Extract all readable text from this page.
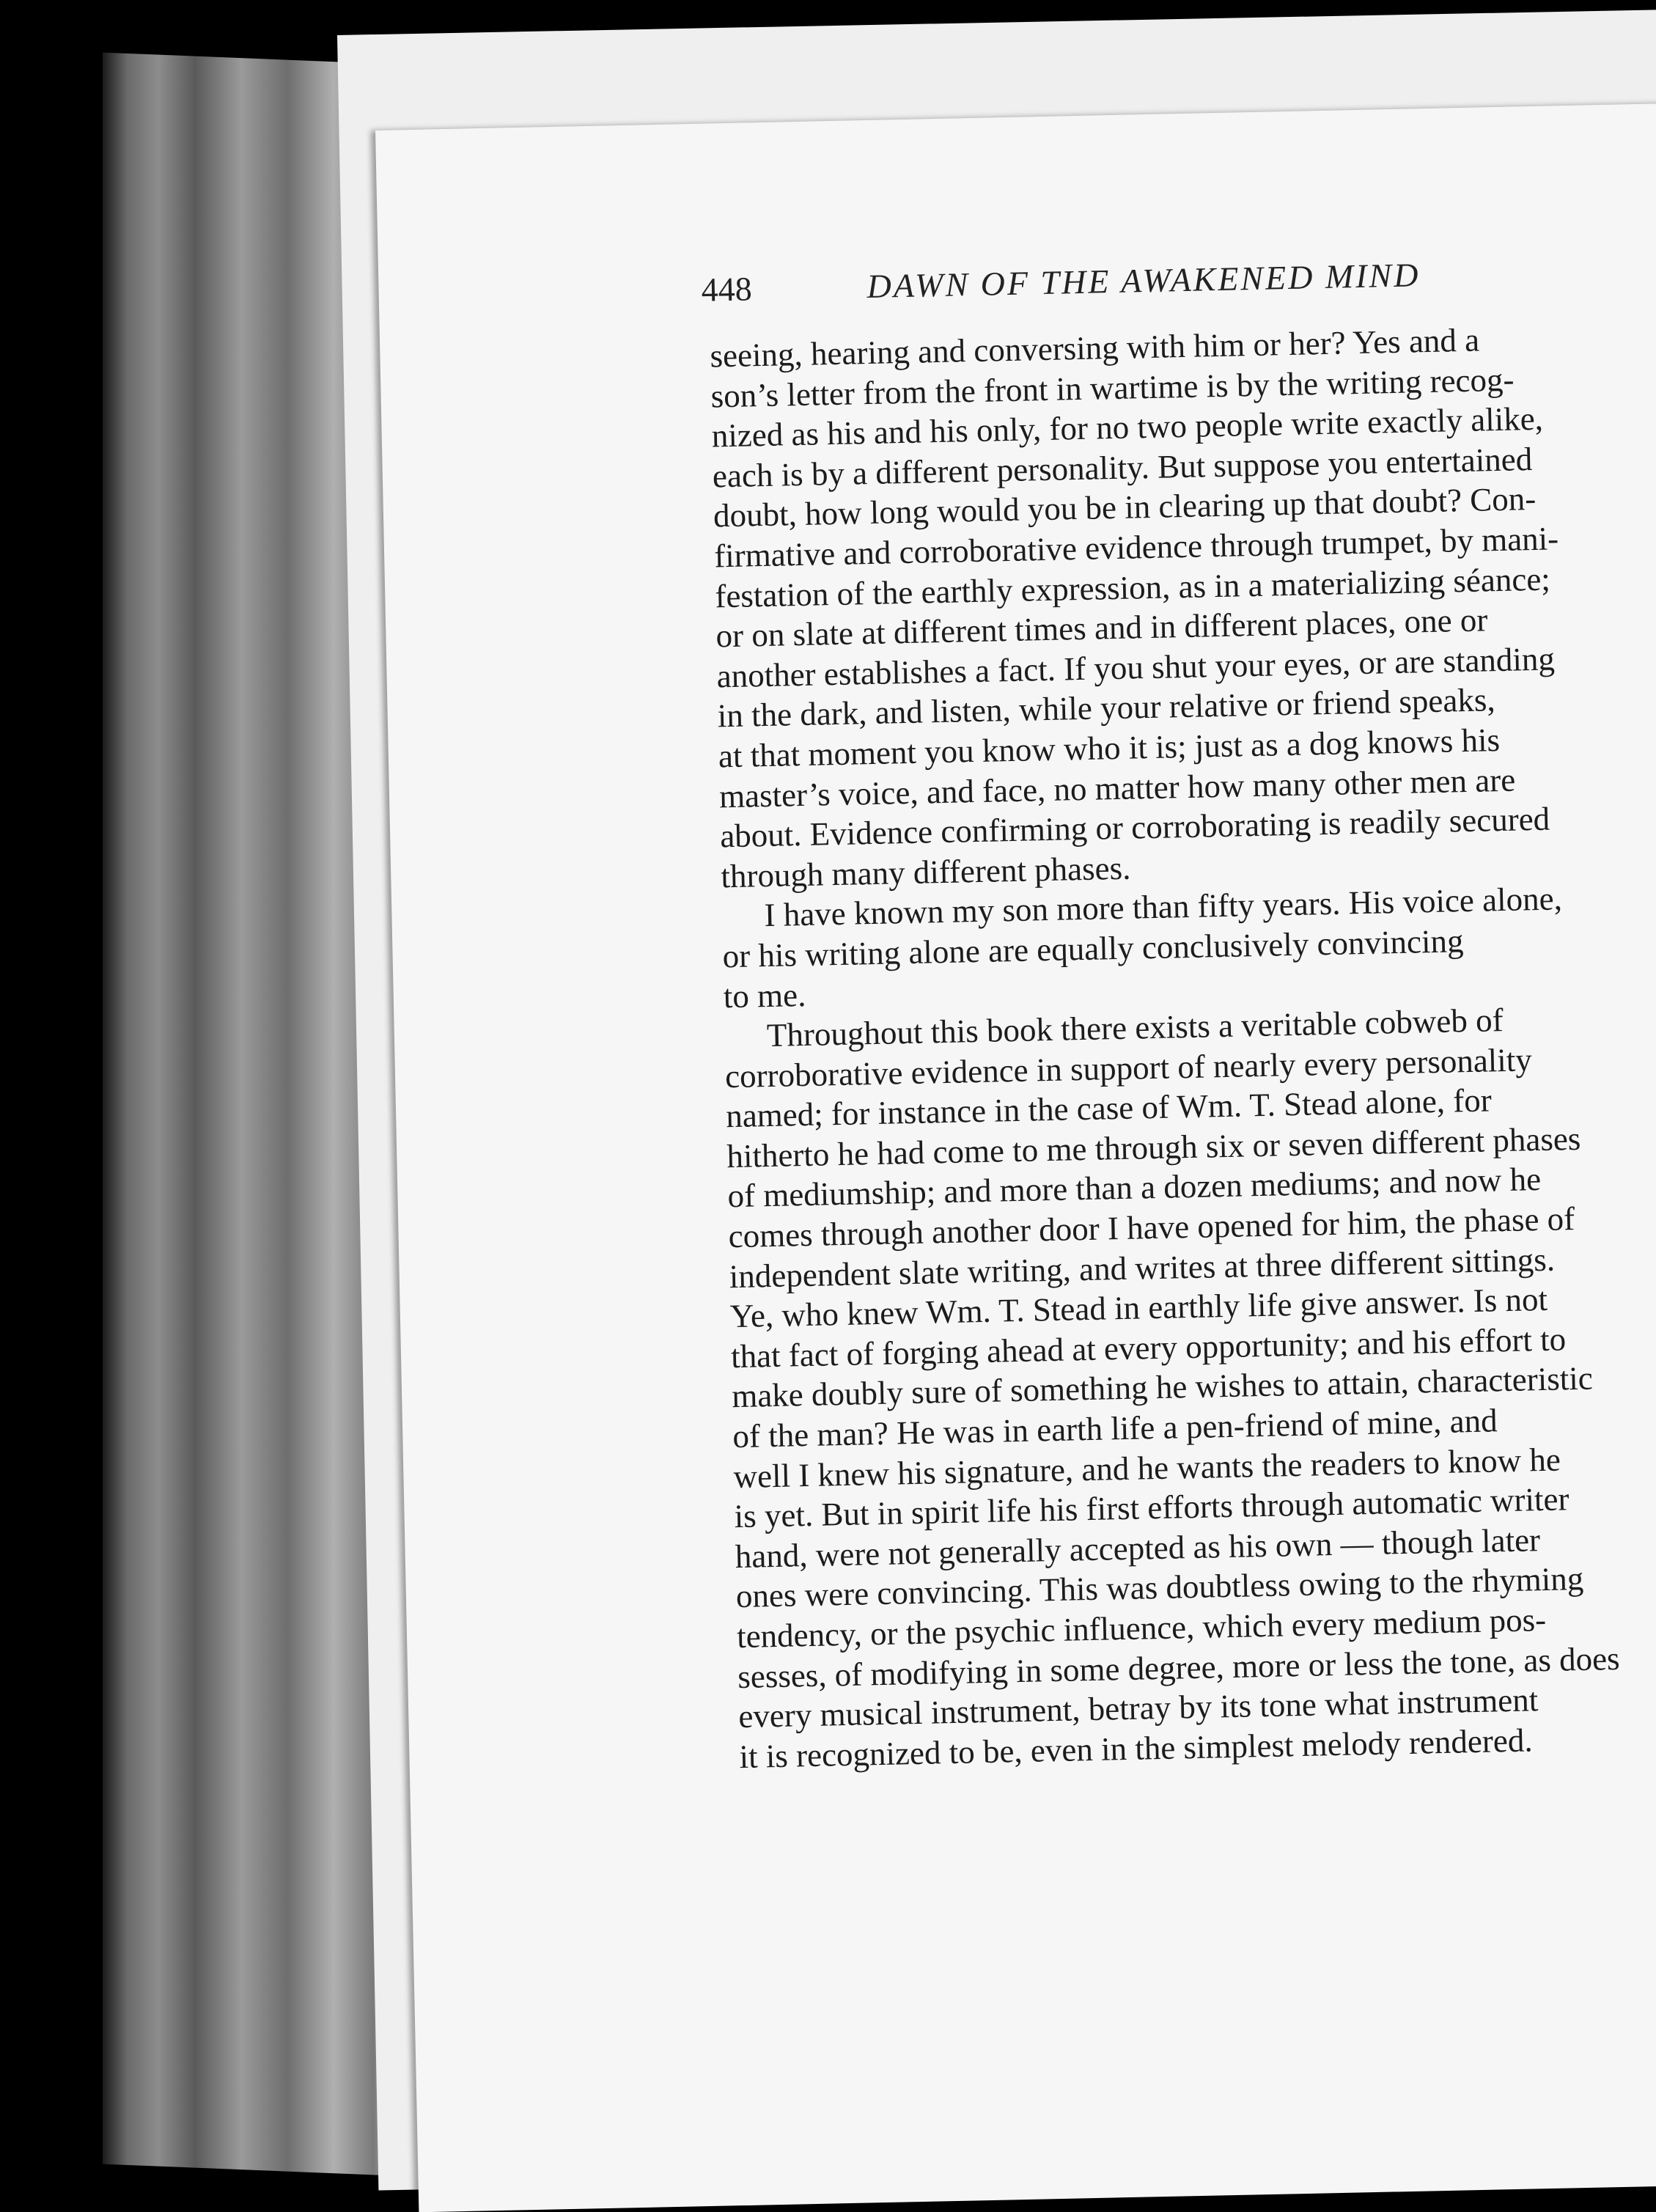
448	DAWN OF THE AWAKENED MIND
seeing, hearing and conversing with him or her? Yes and a
son’s letter from the front in wartime is by the writing recog-
nized as his and his only, for no two people write exactly alike,
each is by a different personality. But suppose you entertained
doubt, how long would you be in clearing up that doubt? Con-
firmative and corroborative evidence through trumpet, by mani-
festation of the earthly expression, as in a materializing séance;
or on slate at different times and in different places, one or
another establishes a fact. If you shut your eyes, or are standing
in the dark, and listen, while your relative or friend speaks,
at that moment you know who it is; just as a dog knows his
master’s voice, and face, no matter how many other men are
about. Evidence confirming or corroborating is readily secured
through many different phases.
I have known my son more than fifty years. His voice alone,
or his writing alone are equally conclusively convincing
to me.
Throughout this book there exists a veritable cobweb of
corroborative evidence in support of nearly every personality
named; for instance in the case of Wm. T. Stead alone, for
hitherto he had come to me through six or seven different phases
of mediumship; and more than a dozen mediums; and now he
comes through another door I have opened for him, the phase of
independent slate writing, and writes at three different sittings.
Ye, who knew Wm. T. Stead in earthly life give answer. Is not
that fact of forging ahead at every opportunity; and his effort to
make doubly sure of something he wishes to attain, characteristic
of the man? He was in earth life a pen-friend of mine, and
well I knew his signature, and he wants the readers to know he
is yet. But in spirit life his first efforts through automatic writer
hand, were not generally accepted as his own — though later
ones were convincing. This was doubtless owing to the rhyming
tendency, or the psychic influence, which every medium pos-
sesses, of modifying in some degree, more or less the tone, as does
every musical instrument, betray by its tone what instrument
it is recognized to be, even in the simplest melody rendered.
